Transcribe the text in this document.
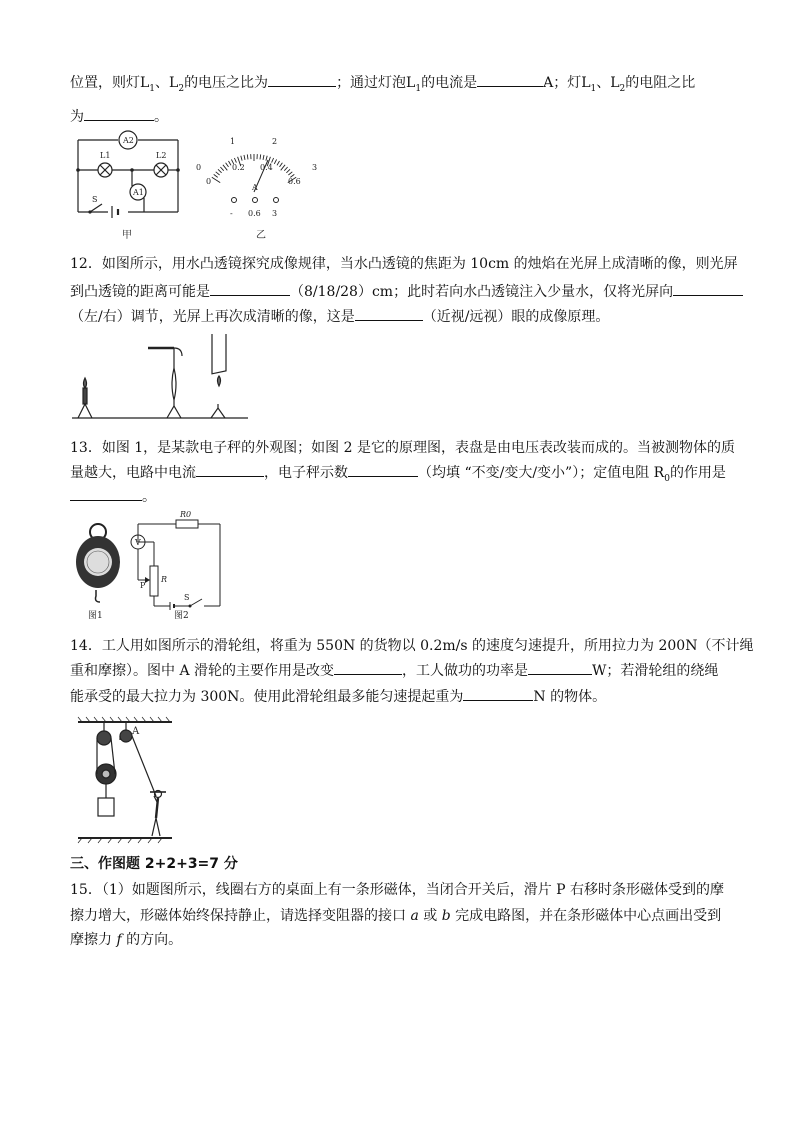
位置，则灯$L_1$、$L_2$的电压之比为	；通过灯泡$L_1$的电流是	A；灯$L_1$、$L_2$的电阻之比
为	。
A2
A1
L1	L2
S
甲
0
1	2
3
0
0.2 0.4
0.6
A
- 0.6 3
乙
12．如图所示，用水凸透镜探究成像规律，当水凸透镜的焦距为 10cm 的烛焰在光屏上成清晰的像，则光屏
到凸透镜的距离可能是	（8/18/28）cm；此时若向水凸透镜注入少量水，仅将光屏向
（左/右）调节，光屏上再次成清晰的像，这是	（近视/远视）眼的成像原理。
13．如图 1，是某款电子秤的外观图；如图 2 是它的原理图，表盘是由电压表改装而成的。当被测物体的质
量越大，电路中电流	，电子秤示数	（均填 “不变/变大/变小”）；定值电阻 $R_0$的作用是
。
R0
V
R
P
S
图1	图2
14．工人用如图所示的滑轮组，将重为 550N 的货物以 0.2m/s 的速度匀速提升，所用拉力为 200N（不计绳
重和摩擦）。图中 A 滑轮的主要作用是改变	，工人做功的功率是	W；若滑轮组的绕绳
能承受的最大拉力为 300N。使用此滑轮组最多能匀速提起重为	N 的物体。
A
三、作图题 2+2+3=7 分
15．（1）如题图所示，线圈右方的桌面上有一条形磁体，当闭合开关后，滑片 P 右移时条形磁体受到的摩
擦力增大，形磁体始终保持静止，请选择变阻器的接口 a 或 b 完成电路图，并在条形磁体中心点画出受到
摩擦力 f 的方向。
